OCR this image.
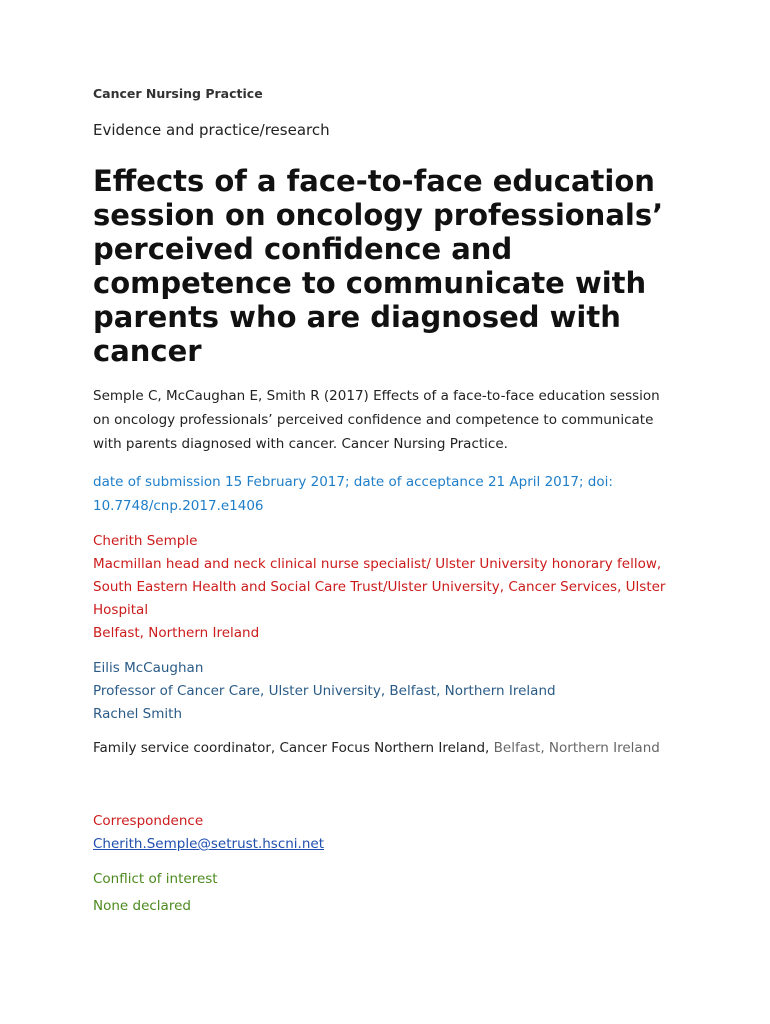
Cancer Nursing Practice

Evidence and practice/research

Effects of a face-to-face education session on oncology professionals’ perceived confidence and competence to communicate with parents who are diagnosed with cancer

Semple C, McCaughan E, Smith R (2017) Effects of a face-to-face education session on oncology professionals’ perceived confidence and competence to communicate with parents diagnosed with cancer. Cancer Nursing Practice.

date of submission 15 February 2017; date of acceptance 21 April 2017; doi: 10.7748/cnp.2017.e1406

Cherith Semple

Macmillan head and neck clinical nurse specialist/ Ulster University honorary fellow,

South Eastern Health and Social Care Trust/Ulster University, Cancer Services, Ulster Hospital

Belfast, Northern Ireland

Eilis McCaughan

Professor of Cancer Care, Ulster University, Belfast, Northern Ireland

Rachel Smith

Family service coordinator, Cancer Focus Northern Ireland, Belfast, Northern Ireland

Correspondence

Cherith.Semple@setrust.hscni.net

Conflict of interest

None declared
